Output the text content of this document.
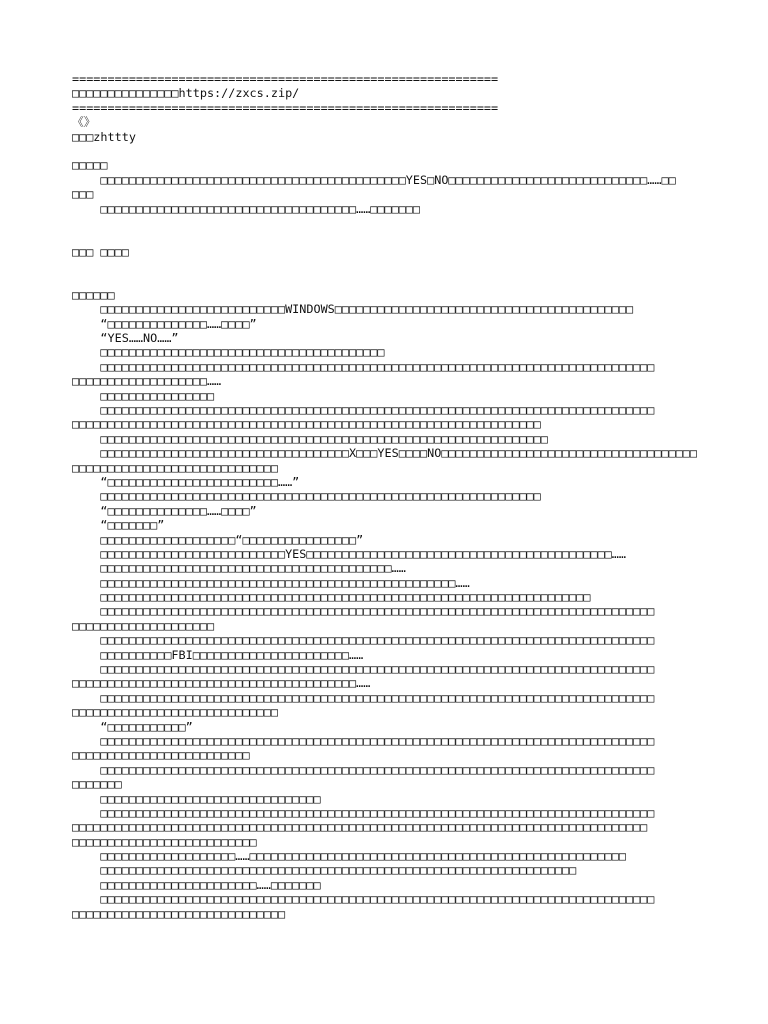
============================================================
□□□□□□□□□□□□□□□https://zxcs.zip/
============================================================
《》
□□□zhttty
□□□□□
□□□□□□□□□□□□□□□□□□□□□□□□□□□□□□□□□□□□□□□□□□□YES□NO□□□□□□□□□□□□□□□□□□□□□□□□□□□□……□□
□□□
□□□□□□□□□□□□□□□□□□□□□□□□□□□□□□□□□□□□……□□□□□□□
□□□ □□□□
□□□□□□
□□□□□□□□□□□□□□□□□□□□□□□□□□WINDOWS□□□□□□□□□□□□□□□□□□□□□□□□□□□□□□□□□□□□□□□□□□
“□□□□□□□□□□□□□□……□□□□”
“YES……NO……”
□□□□□□□□□□□□□□□□□□□□□□□□□□□□□□□□□□□□□□□□
□□□□□□□□□□□□□□□□□□□□□□□□□□□□□□□□□□□□□□□□□□□□□□□□□□□□□□□□□□□□□□□□□□□□□□□□□□□□□□
□□□□□□□□□□□□□□□□□□□……
□□□□□□□□□□□□□□□□
□□□□□□□□□□□□□□□□□□□□□□□□□□□□□□□□□□□□□□□□□□□□□□□□□□□□□□□□□□□□□□□□□□□□□□□□□□□□□□
□□□□□□□□□□□□□□□□□□□□□□□□□□□□□□□□□□□□□□□□□□□□□□□□□□□□□□□□□□□□□□□□□□
□□□□□□□□□□□□□□□□□□□□□□□□□□□□□□□□□□□□□□□□□□□□□□□□□□□□□□□□□□□□□□□
□□□□□□□□□□□□□□□□□□□□□□□□□□□□□□□□□□□X□□□YES□□□□NO□□□□□□□□□□□□□□□□□□□□□□□□□□□□□□□□□□□□
□□□□□□□□□□□□□□□□□□□□□□□□□□□□□
“□□□□□□□□□□□□□□□□□□□□□□□□……”
□□□□□□□□□□□□□□□□□□□□□□□□□□□□□□□□□□□□□□□□□□□□□□□□□□□□□□□□□□□□□□
“□□□□□□□□□□□□□□……□□□□”
“□□□□□□□”
□□□□□□□□□□□□□□□□□□□“□□□□□□□□□□□□□□□□”
□□□□□□□□□□□□□□□□□□□□□□□□□□YES□□□□□□□□□□□□□□□□□□□□□□□□□□□□□□□□□□□□□□□□□□□……
□□□□□□□□□□□□□□□□□□□□□□□□□□□□□□□□□□□□□□□□□……
□□□□□□□□□□□□□□□□□□□□□□□□□□□□□□□□□□□□□□□□□□□□□□□□□□……
□□□□□□□□□□□□□□□□□□□□□□□□□□□□□□□□□□□□□□□□□□□□□□□□□□□□□□□□□□□□□□□□□□□□□
□□□□□□□□□□□□□□□□□□□□□□□□□□□□□□□□□□□□□□□□□□□□□□□□□□□□□□□□□□□□□□□□□□□□□□□□□□□□□□
□□□□□□□□□□□□□□□□□□□□
□□□□□□□□□□□□□□□□□□□□□□□□□□□□□□□□□□□□□□□□□□□□□□□□□□□□□□□□□□□□□□□□□□□□□□□□□□□□□□
□□□□□□□□□□FBI□□□□□□□□□□□□□□□□□□□□□□……
□□□□□□□□□□□□□□□□□□□□□□□□□□□□□□□□□□□□□□□□□□□□□□□□□□□□□□□□□□□□□□□□□□□□□□□□□□□□□□
□□□□□□□□□□□□□□□□□□□□□□□□□□□□□□□□□□□□□□□□……
□□□□□□□□□□□□□□□□□□□□□□□□□□□□□□□□□□□□□□□□□□□□□□□□□□□□□□□□□□□□□□□□□□□□□□□□□□□□□□
□□□□□□□□□□□□□□□□□□□□□□□□□□□□□
“□□□□□□□□□□□”
□□□□□□□□□□□□□□□□□□□□□□□□□□□□□□□□□□□□□□□□□□□□□□□□□□□□□□□□□□□□□□□□□□□□□□□□□□□□□□
□□□□□□□□□□□□□□□□□□□□□□□□□
□□□□□□□□□□□□□□□□□□□□□□□□□□□□□□□□□□□□□□□□□□□□□□□□□□□□□□□□□□□□□□□□□□□□□□□□□□□□□□
□□□□□□□
□□□□□□□□□□□□□□□□□□□□□□□□□□□□□□□
□□□□□□□□□□□□□□□□□□□□□□□□□□□□□□□□□□□□□□□□□□□□□□□□□□□□□□□□□□□□□□□□□□□□□□□□□□□□□□
□□□□□□□□□□□□□□□□□□□□□□□□□□□□□□□□□□□□□□□□□□□□□□□□□□□□□□□□□□□□□□□□□□□□□□□□□□□□□□□□□
□□□□□□□□□□□□□□□□□□□□□□□□□□
□□□□□□□□□□□□□□□□□□□……□□□□□□□□□□□□□□□□□□□□□□□□□□□□□□□□□□□□□□□□□□□□□□□□□□□□□
□□□□□□□□□□□□□□□□□□□□□□□□□□□□□□□□□□□□□□□□□□□□□□□□□□□□□□□□□□□□□□□□□□□
□□□□□□□□□□□□□□□□□□□□□□……□□□□□□□
□□□□□□□□□□□□□□□□□□□□□□□□□□□□□□□□□□□□□□□□□□□□□□□□□□□□□□□□□□□□□□□□□□□□□□□□□□□□□□
□□□□□□□□□□□□□□□□□□□□□□□□□□□□□□
